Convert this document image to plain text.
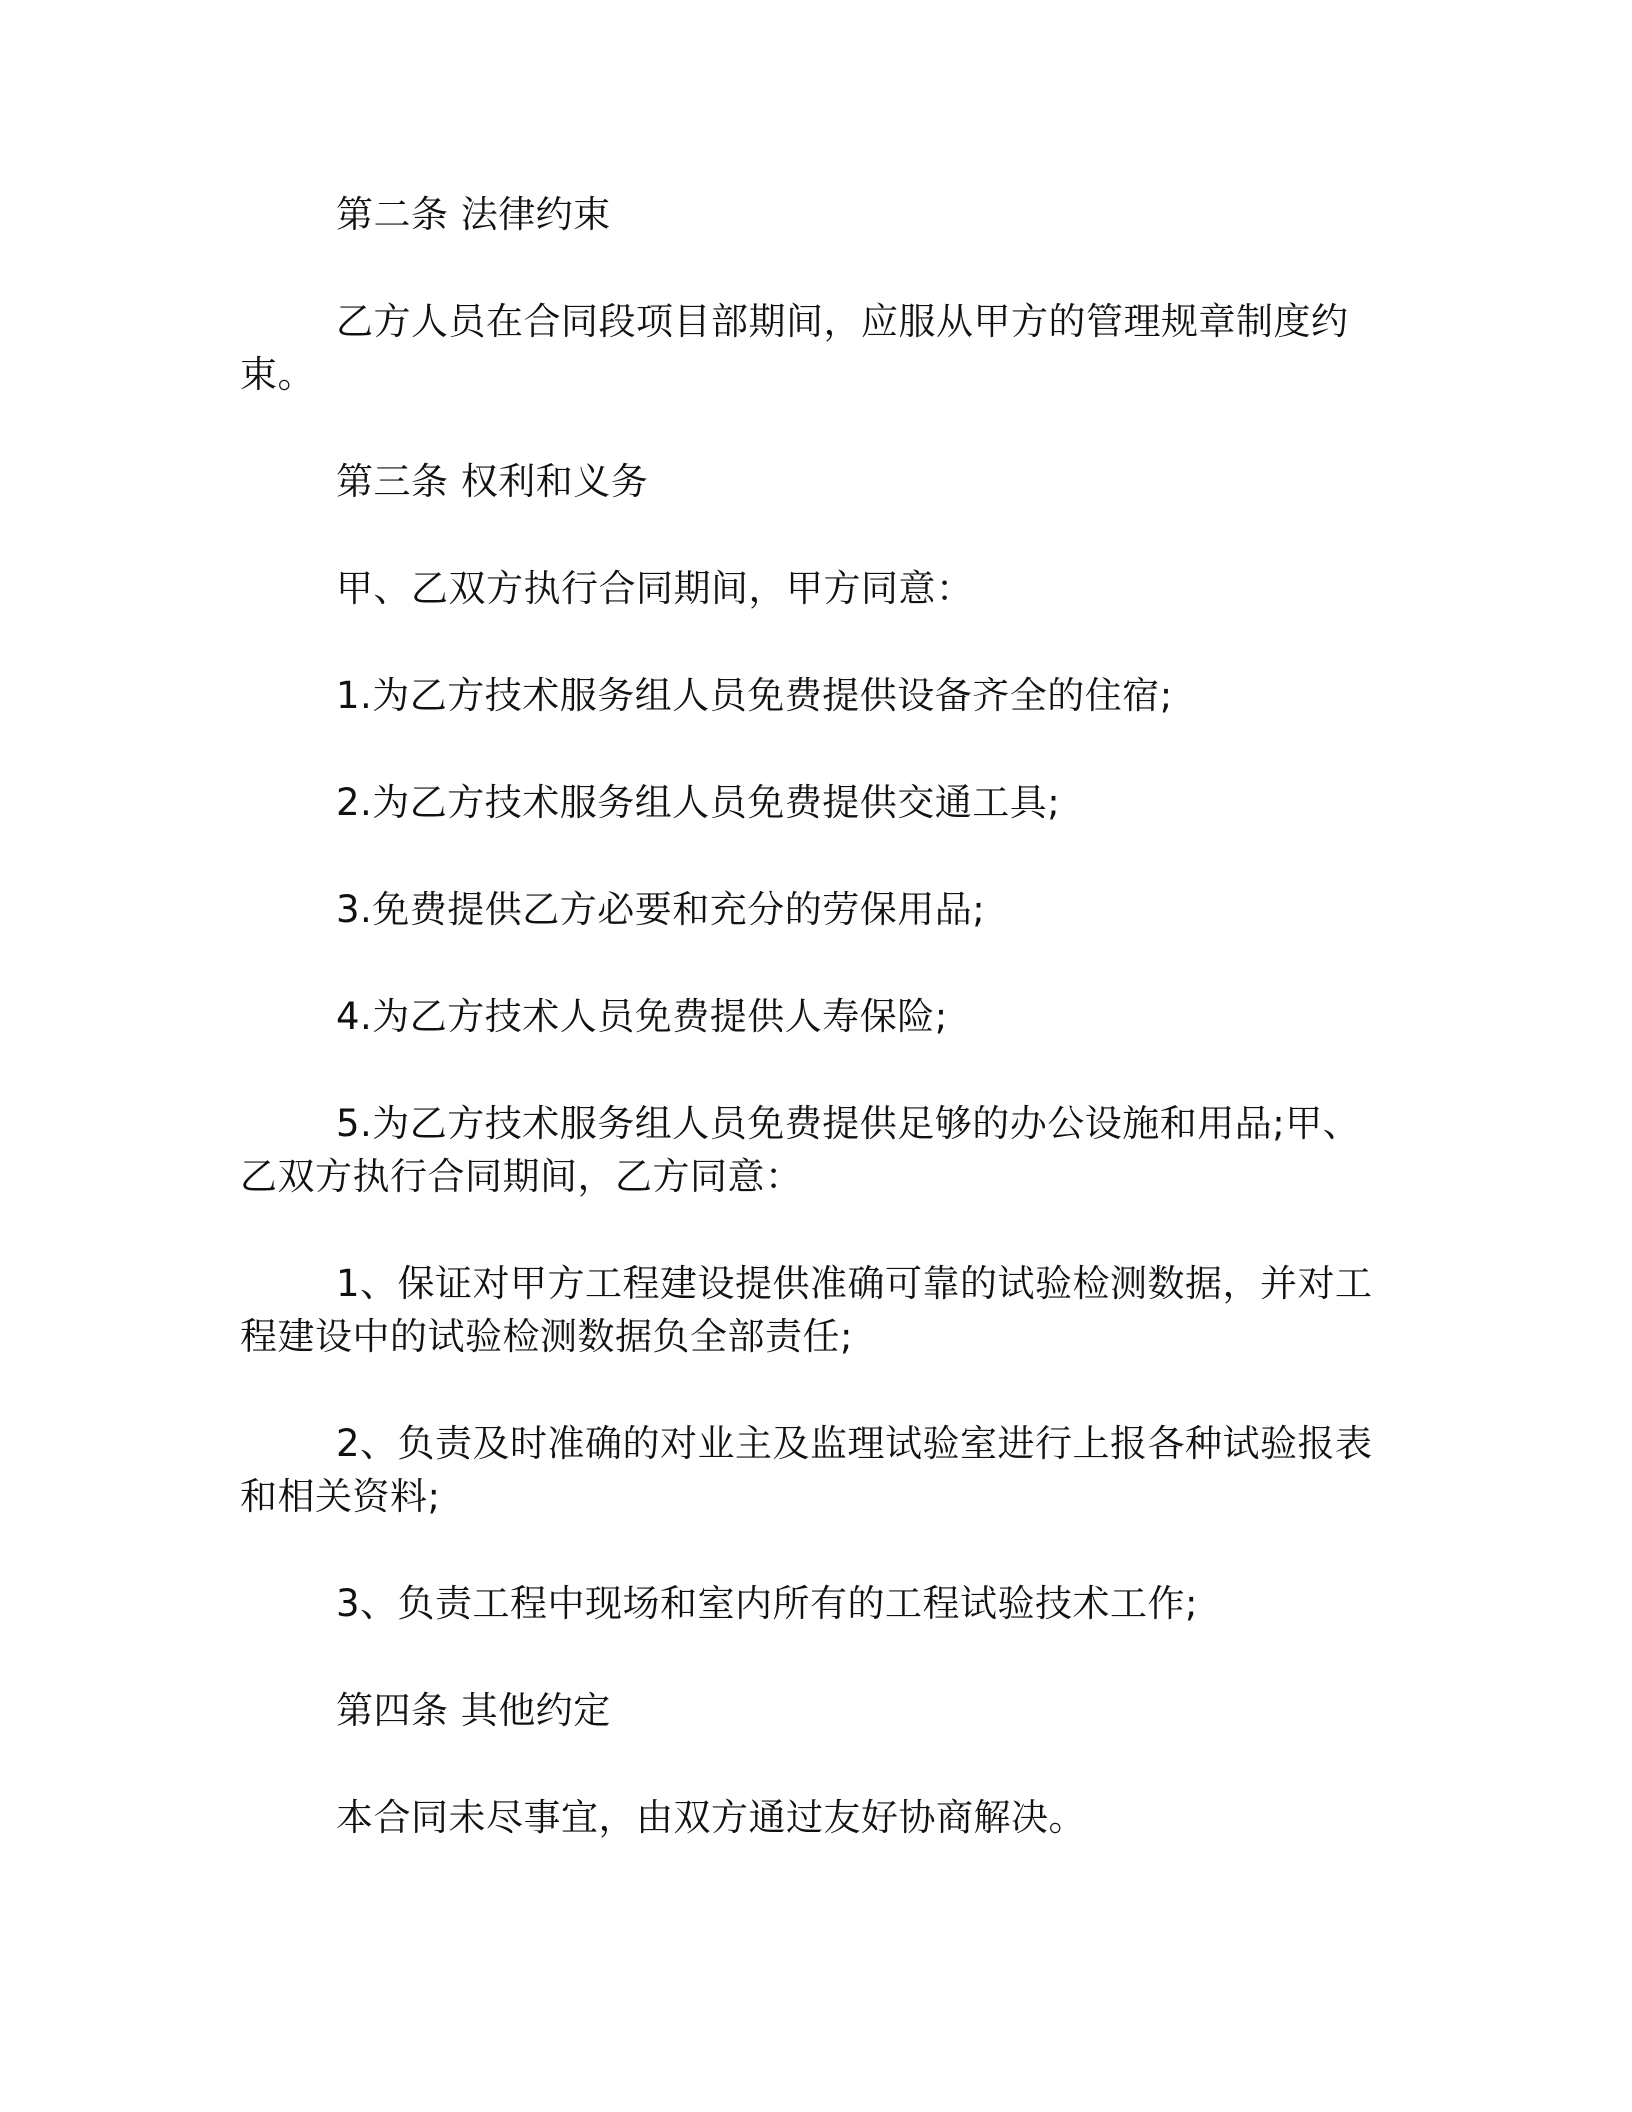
第二条 法律约束

乙方人员在合同段项目部期间，应服从甲方的管理规章制度约束。

第三条 权利和义务

甲、乙双方执行合同期间，甲方同意：

1.为乙方技术服务组人员免费提供设备齐全的住宿;

2.为乙方技术服务组人员免费提供交通工具;

3.免费提供乙方必要和充分的劳保用品;

4.为乙方技术人员免费提供人寿保险;

5.为乙方技术服务组人员免费提供足够的办公设施和用品;甲、乙双方执行合同期间，乙方同意：

1、保证对甲方工程建设提供准确可靠的试验检测数据，并对工程建设中的试验检测数据负全部责任;

2、负责及时准确的对业主及监理试验室进行上报各种试验报表和相关资料;

3、负责工程中现场和室内所有的工程试验技术工作;

第四条 其他约定

本合同未尽事宜，由双方通过友好协商解决。
